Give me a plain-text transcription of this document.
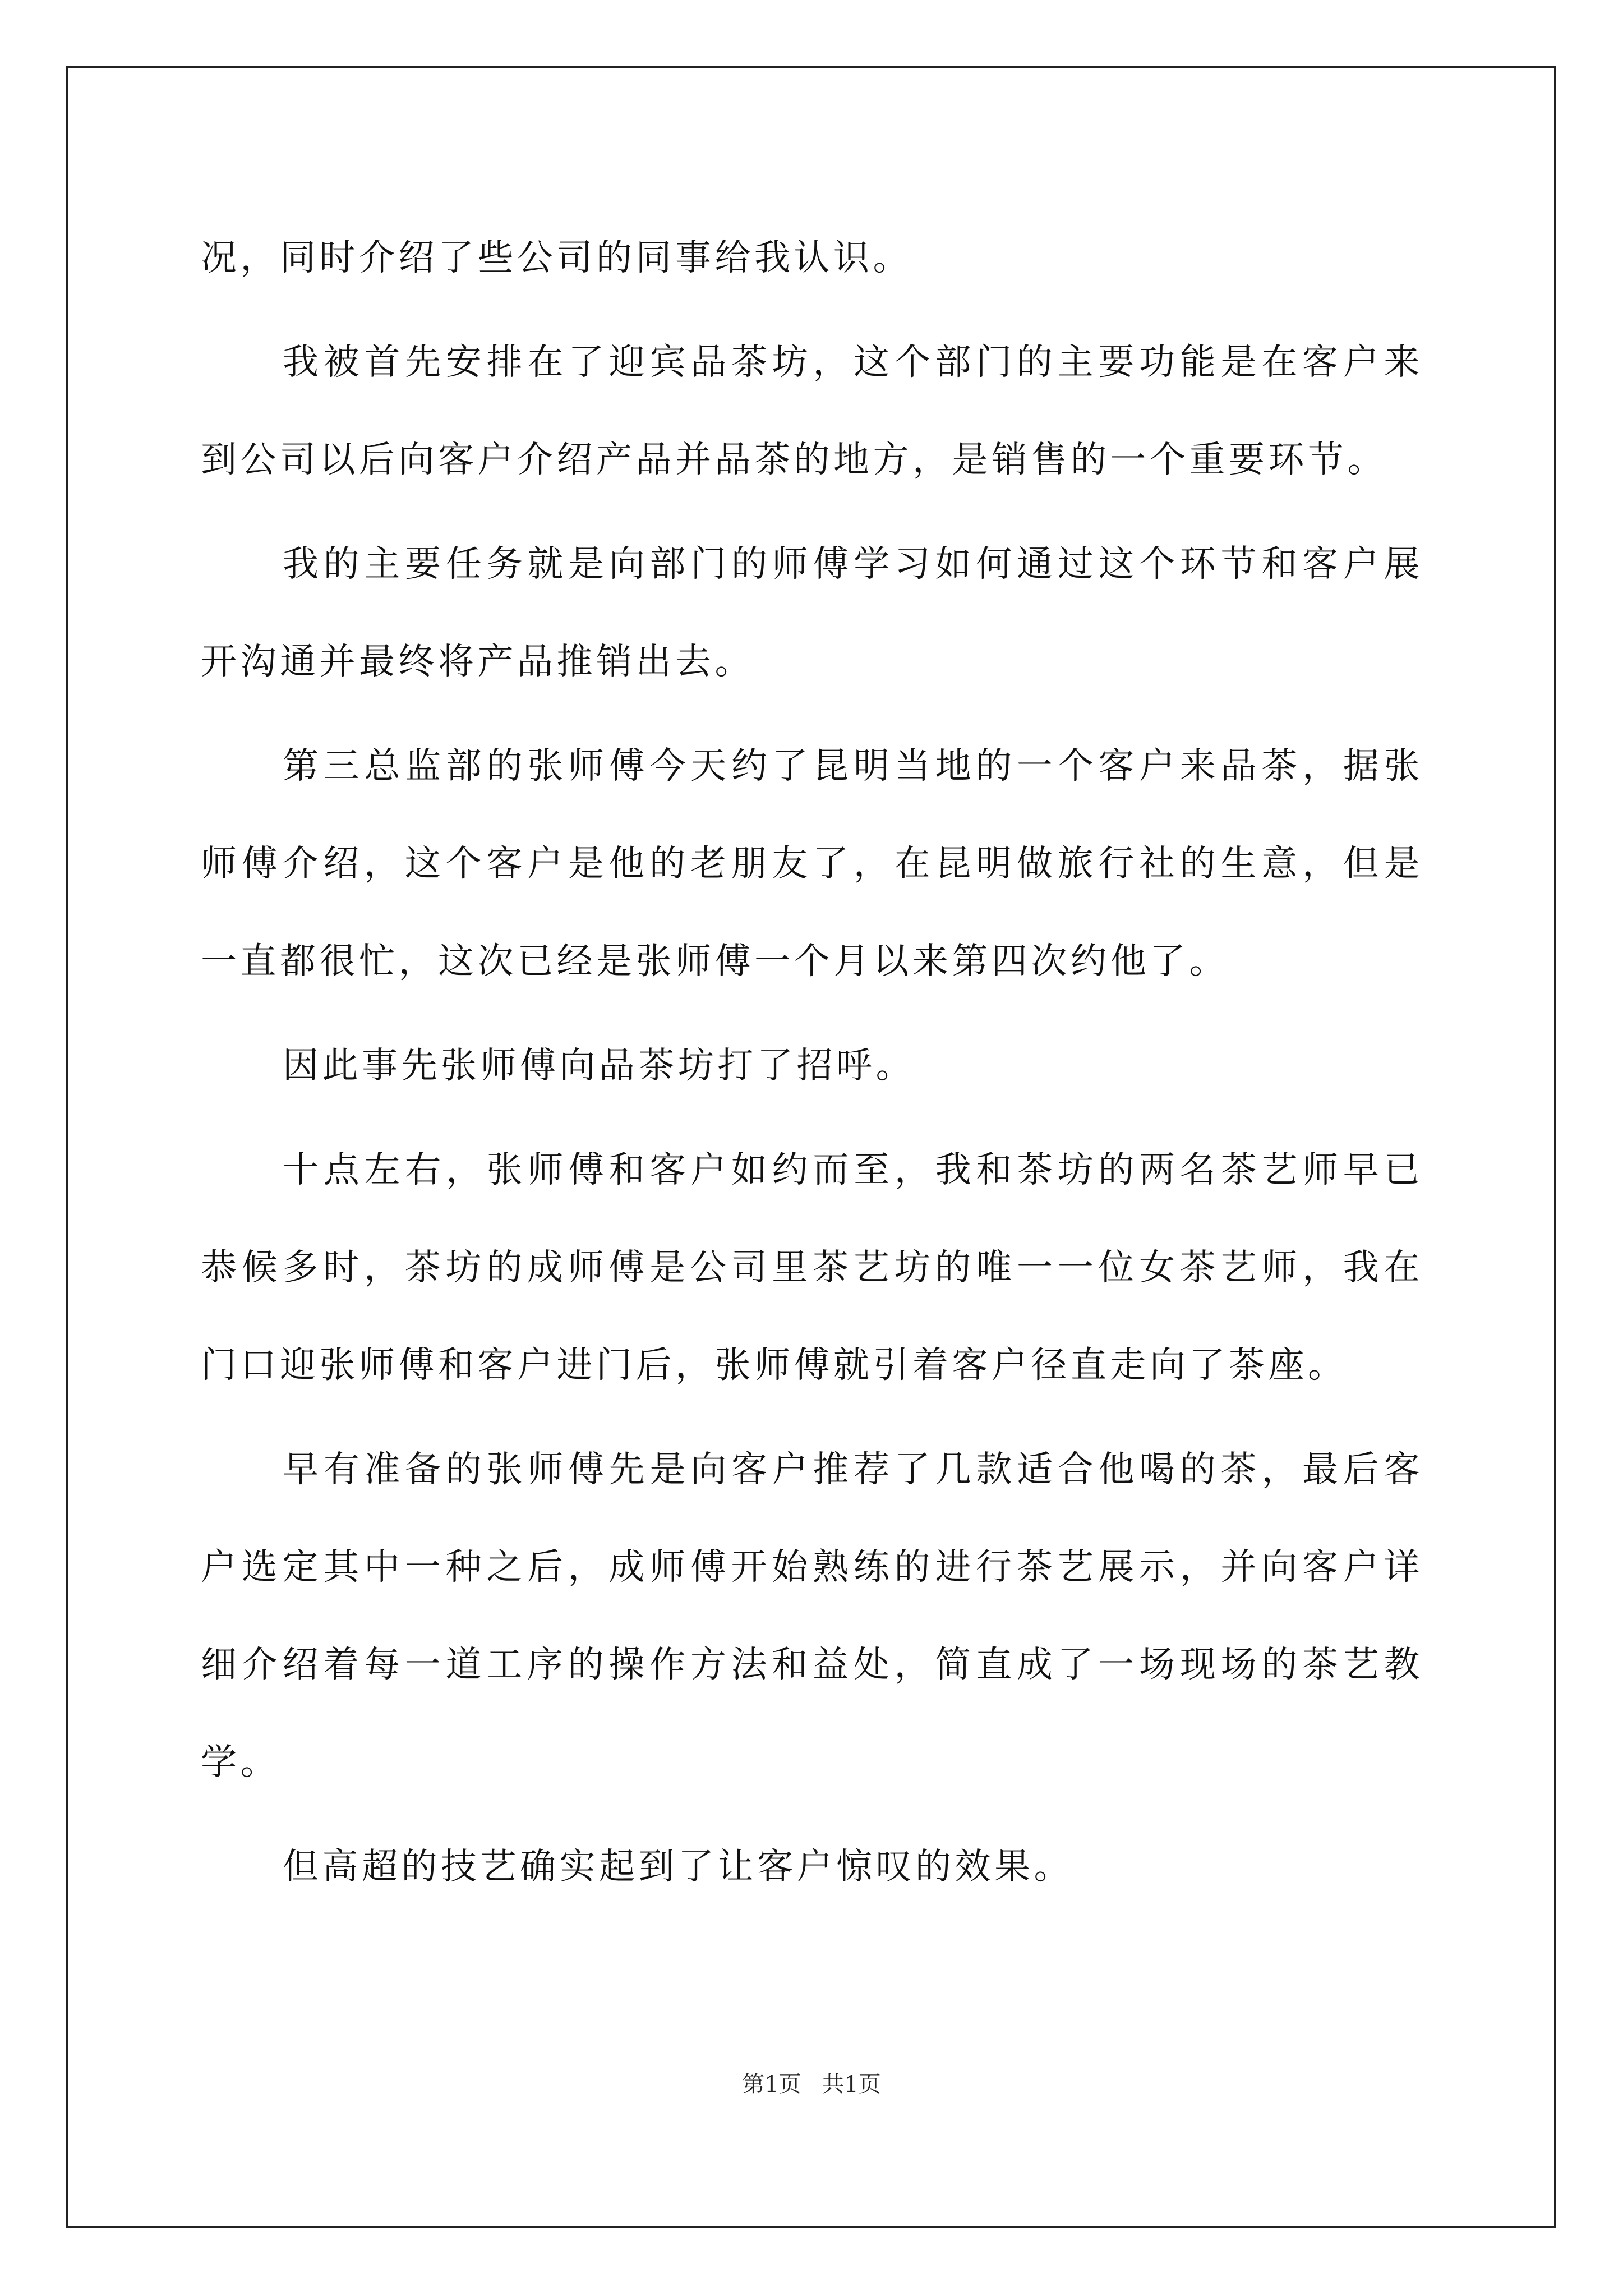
况，同时介绍了些公司的同事给我认识。

我被首先安排在了迎宾品茶坊，这个部门的主要功能是在客户来到公司以后向客户介绍产品并品茶的地方，是销售的一个重要环节。

我的主要任务就是向部门的师傅学习如何通过这个环节和客户展开沟通并最终将产品推销出去。

第三总监部的张师傅今天约了昆明当地的一个客户来品茶，据张师傅介绍，这个客户是他的老朋友了，在昆明做旅行社的生意，但是一直都很忙，这次已经是张师傅一个月以来第四次约他了。

因此事先张师傅向品茶坊打了招呼。

十点左右，张师傅和客户如约而至，我和茶坊的两名茶艺师早已恭候多时，茶坊的成师傅是公司里茶艺坊的唯一一位女茶艺师，我在门口迎张师傅和客户进门后，张师傅就引着客户径直走向了茶座。

早有准备的张师傅先是向客户推荐了几款适合他喝的茶，最后客户选定其中一种之后，成师傅开始熟练的进行茶艺展示，并向客户详细介绍着每一道工序的操作方法和益处，简直成了一场现场的茶艺教学。

但高超的技艺确实起到了让客户惊叹的效果。

第1页 共1页
